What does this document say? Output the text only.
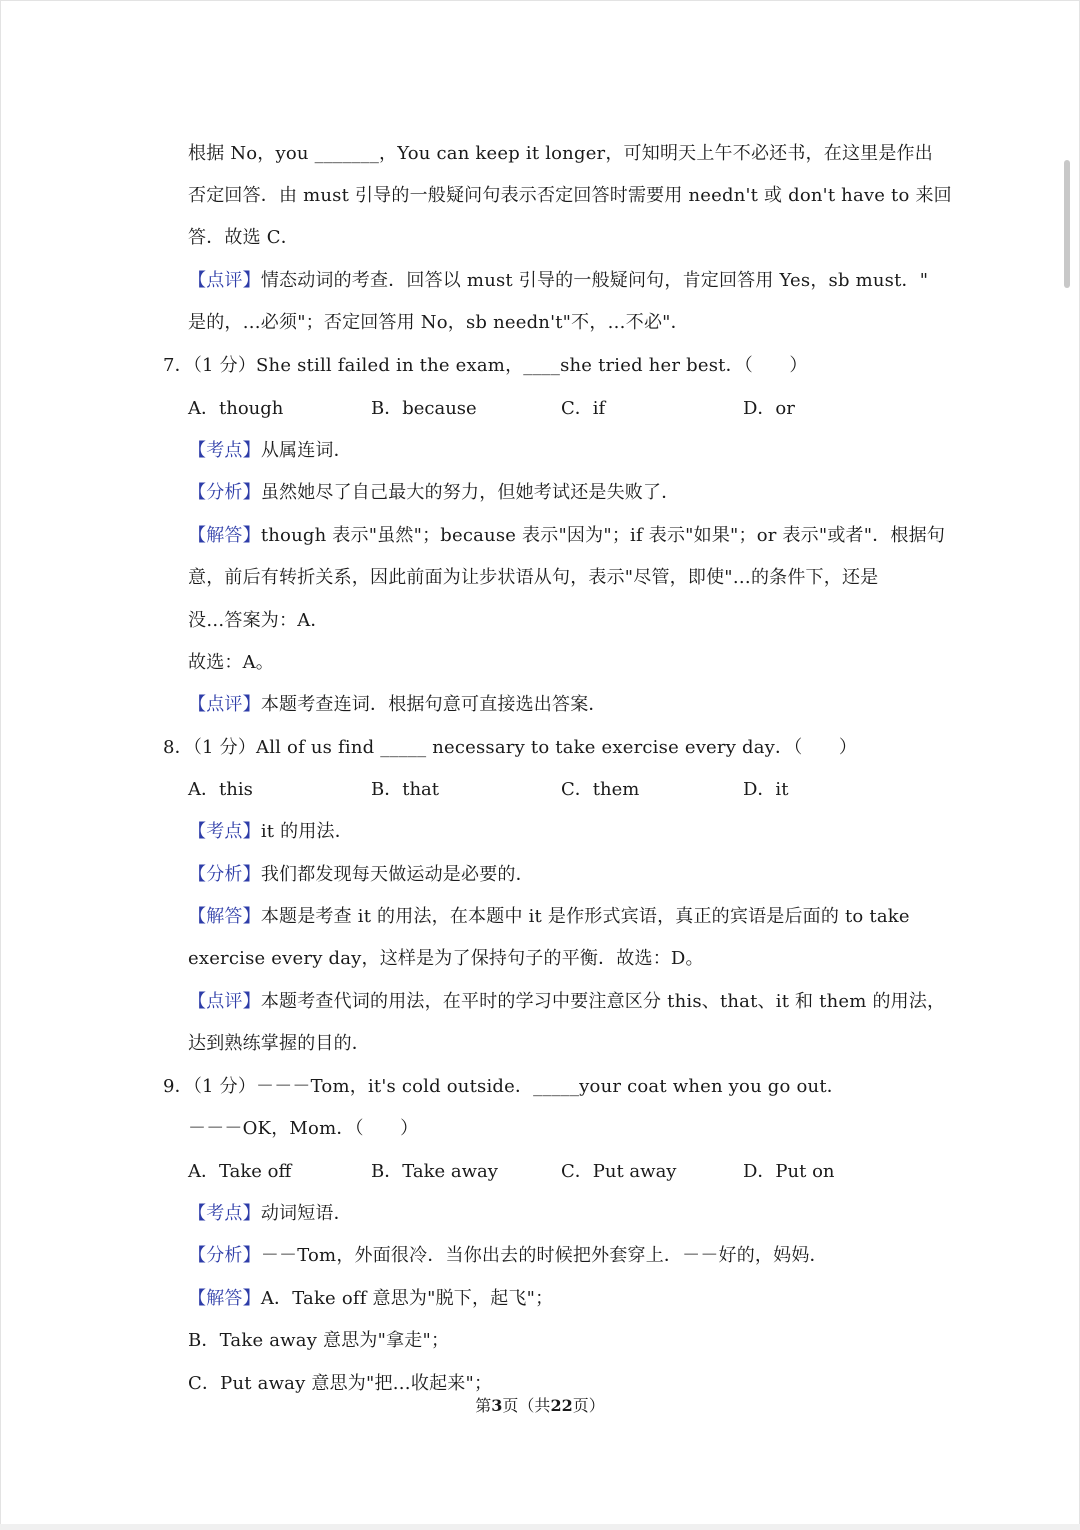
根据 No，you _______，You can keep it longer，可知明天上午不必还书，在这里是作出
否定回答．由 must 引导的一般疑问句表示否定回答时需要用 needn't 或 don't have to 来回
答．故选 C．
【点评】情态动词的考查．回答以 must 引导的一般疑问句，肯定回答用 Yes，sb must．"
是的，…必须"；否定回答用 No，sb needn't"不，…不必"．
7．（1 分）She still failed in the exam，____she tried her best．（　　）
A．though	B．because	C．if	D．or
【考点】从属连词．
【分析】虽然她尽了自己最大的努力，但她考试还是失败了．
【解答】though 表示"虽然"；because 表示"因为"；if 表示"如果"；or 表示"或者"．根据句
意，前后有转折关系，因此前面为让步状语从句，表示"尽管，即使"…的条件下，还是
没…答案为：A．
故选：A。
【点评】本题考查连词．根据句意可直接选出答案．
8．（1 分）All of us find _____ necessary to take exercise every day．（　　）
A．this	B．that	C．them	D．it
【考点】it 的用法．
【分析】我们都发现每天做运动是必要的．
【解答】本题是考查 it 的用法，在本题中 it 是作形式宾语，真正的宾语是后面的 to take
exercise every day，这样是为了保持句子的平衡．故选：D。
【点评】本题考查代词的用法，在平时的学习中要注意区分 this、that、it 和 them 的用法，
达到熟练掌握的目的．
9．（1 分）－－－Tom，it's cold outside．_____your coat when you go out．
－－－OK，Mom．（　　）
A．Take off	B．Take away	C．Put away	D．Put on
【考点】动词短语．
【分析】－－Tom，外面很冷．当你出去的时候把外套穿上．－－好的，妈妈．
【解答】A．Take off 意思为"脱下，起飞"；
B．Take away 意思为"拿走"；
C．Put away 意思为"把…收起来"；
第3页（共22页）
